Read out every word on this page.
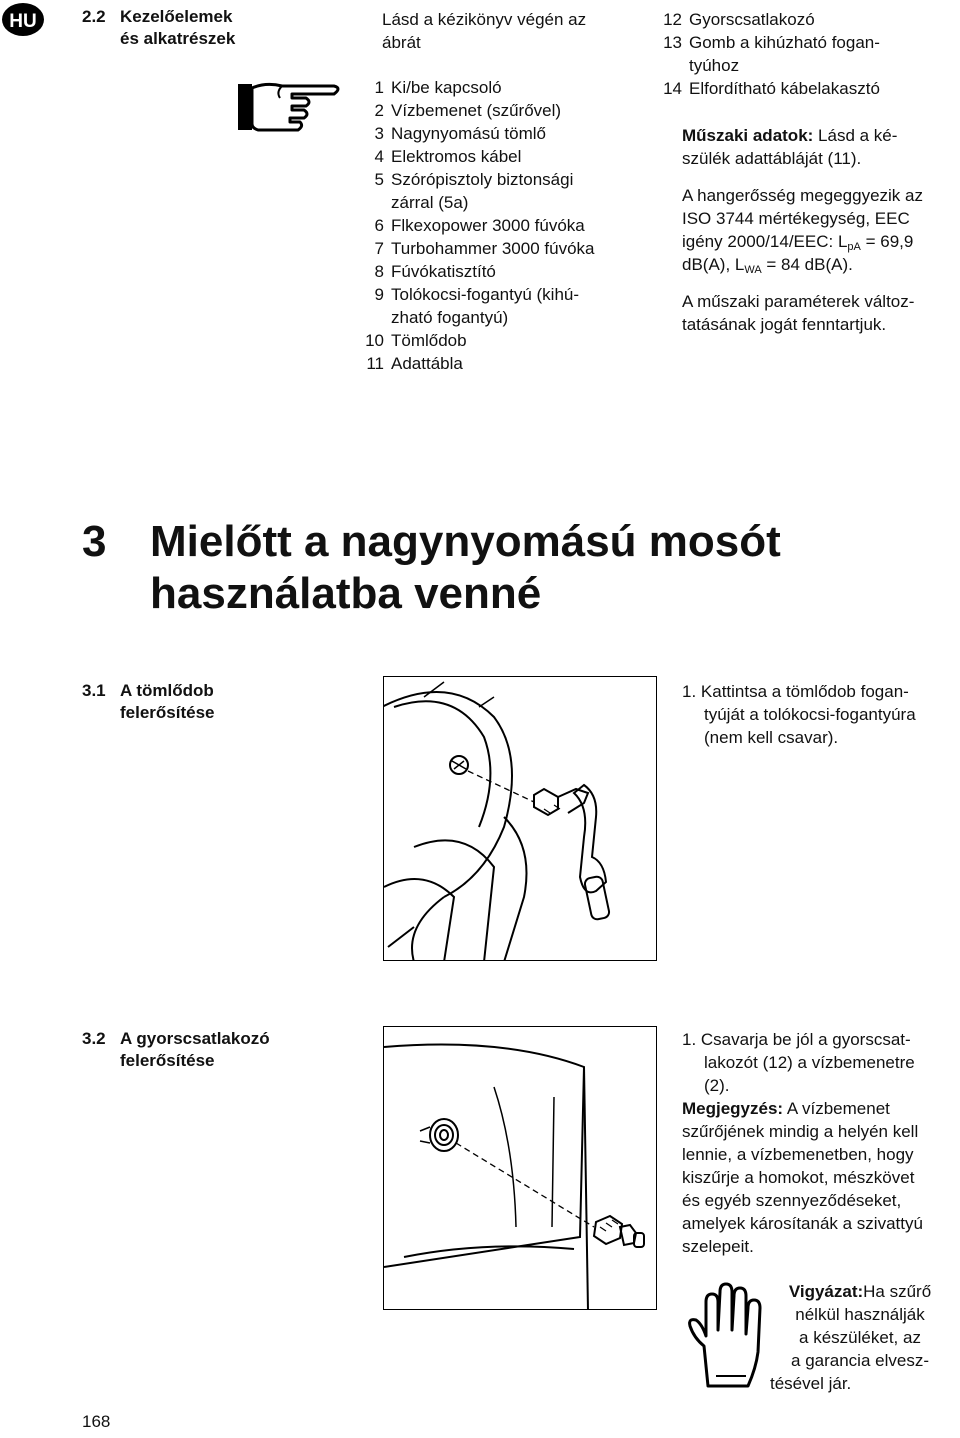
HU	2.2 Kezelőelemek
és alkatrészek
Lásd a kézikönyv végén az
ábrát
1 Ki/be kapcsoló
2 Vízbemenet (szűrővel)
3 Nagynyomású tömlő
4 Elektromos kábel
5 Szórópisztoly biztonsági
zárral (5a)
6 Flkexopower 3000 fúvóka
7 Turbohammer 3000 fúvóka
8 Fúvókatisztító
9 Tolókocsi-fogantyú (kihú-
zható fogantyú)
10 Tömlődob
11 Adattábla
12 Gyorscsatlakozó
13 Gomb a kihúzható fogan-
tyúhoz
14 Elfordítható kábelakasztó

Műszaki adatok: Lásd a ké-
szülék adattábláját (11).

A hangerősség megeggyezik az
ISO 3744 mértékegység, EEC
igény 2000/14/EEC: $L_{pA} = 69,9$
dB(A), $L_{WA} = 84$ dB(A).

A műszaki paraméterek változ-
tatásának jogát fenntartjuk.

3 Mielőtt a nagynyomású mosót
használatba venné
3.1 A tömlődob
felerősítése

1. Kattintsa a tömlődob fogan-

tyúját a tolókocsi-fogantyúra

(nem kell csavar).

3.2 A gyorscsatlakozó
felerősítése

1. Csavarja be jól a gyorscsat-

lakozót (12) a vízbemenetre

(2).

Megjegyzés: A vízbemenet

szűrőjének mindig a helyén kell

lennie, a vízbemenetben, hogy

kiszűrje a homokot, mészkövet

és egyéb szennyeződéseket,

amelyek károsítanák a szivattyú

szelepeit.

Vigyázat:Ha szűrő
nélkül használják
a készüléket, az
a garancia elvesz-
tésével jár.
168
